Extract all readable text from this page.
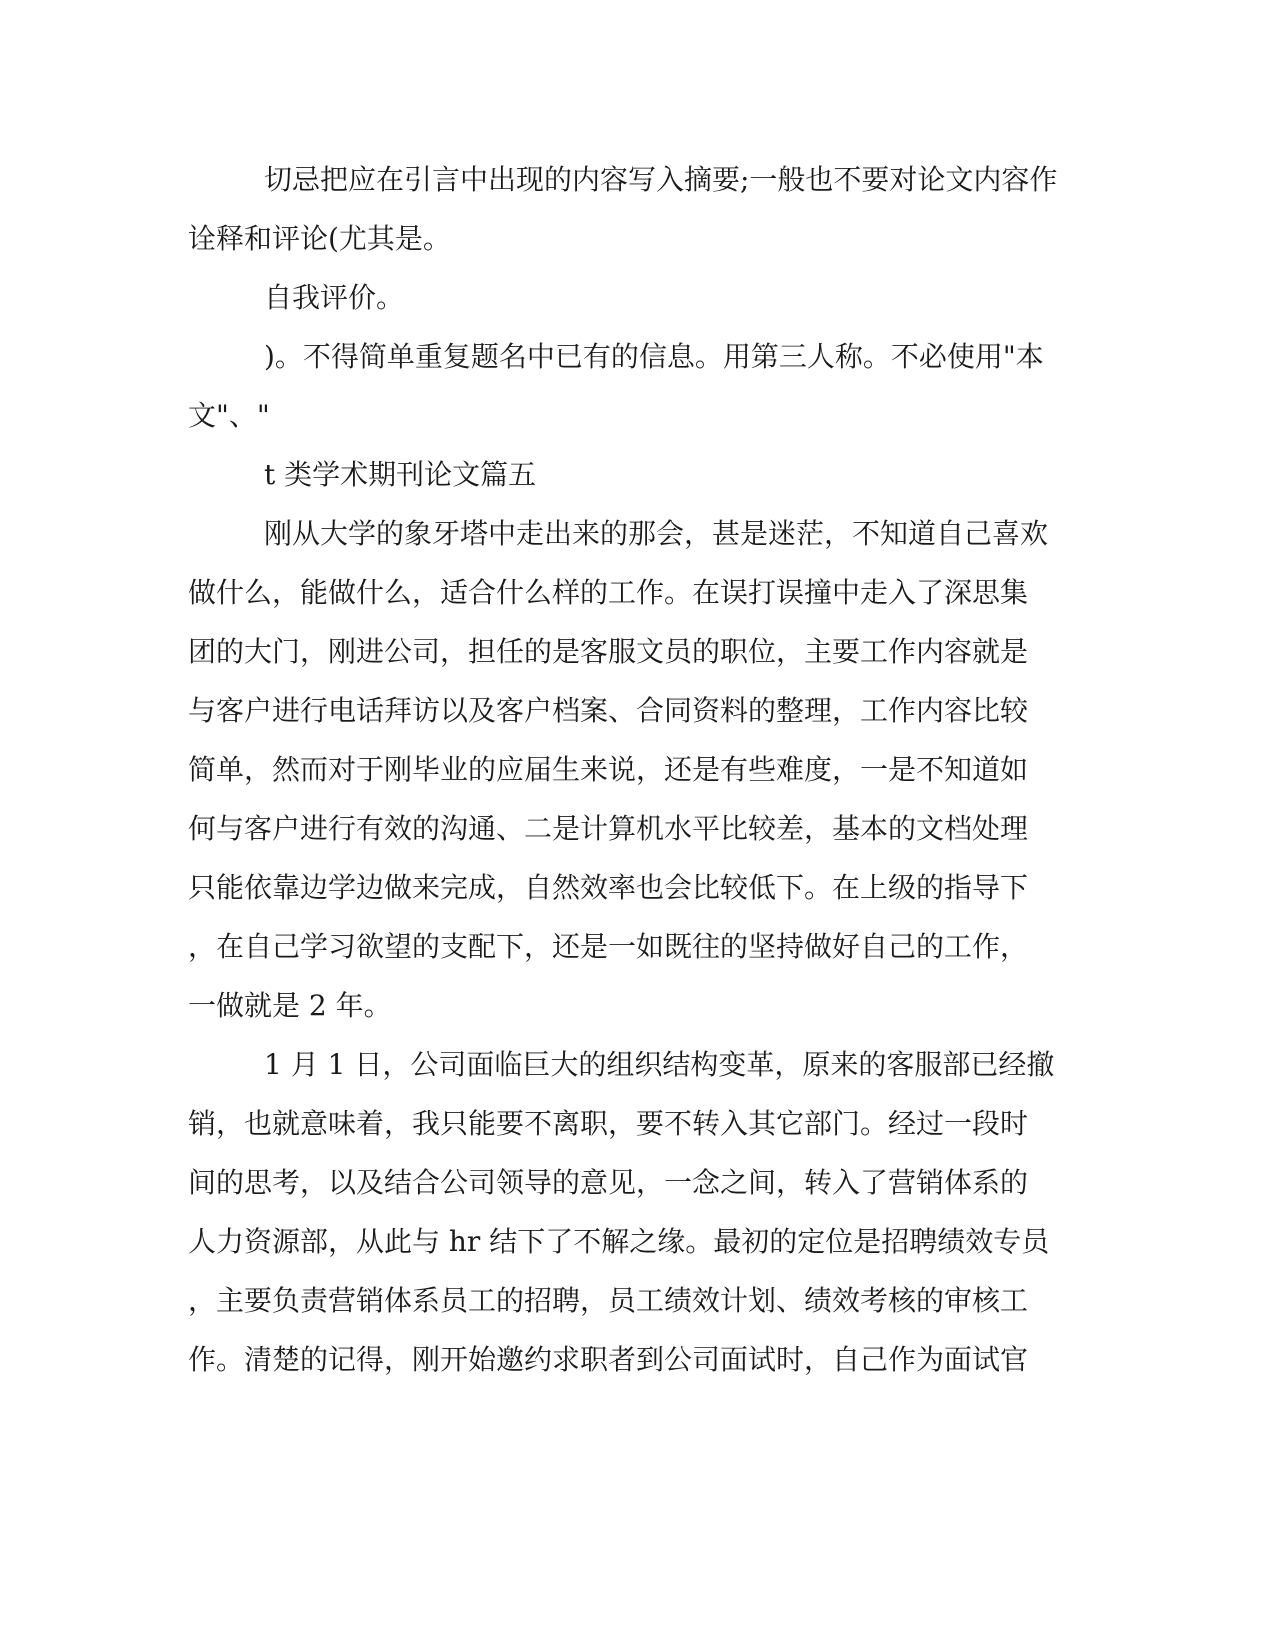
切忌把应在引言中出现的内容写入摘要;一般也不要对论文内容作
诠释和评论(尤其是。
自我评价。
)。不得简单重复题名中已有的信息。用第三人称。不必使用"本
文"、"
t 类学术期刊论文篇五
刚从大学的象牙塔中走出来的那会，甚是迷茫，不知道自己喜欢
做什么，能做什么，适合什么样的工作。在误打误撞中走入了深思集
团的大门，刚进公司，担任的是客服文员的职位，主要工作内容就是
与客户进行电话拜访以及客户档案、合同资料的整理，工作内容比较
简单，然而对于刚毕业的应届生来说，还是有些难度，一是不知道如
何与客户进行有效的沟通、二是计算机水平比较差，基本的文档处理
只能依靠边学边做来完成，自然效率也会比较低下。在上级的指导下
，在自己学习欲望的支配下，还是一如既往的坚持做好自己的工作，
一做就是 2 年。
1 月 1 日，公司面临巨大的组织结构变革，原来的客服部已经撤
销，也就意味着，我只能要不离职，要不转入其它部门。经过一段时
间的思考，以及结合公司领导的意见，一念之间，转入了营销体系的
人力资源部，从此与 hr 结下了不解之缘。最初的定位是招聘绩效专员
，主要负责营销体系员工的招聘，员工绩效计划、绩效考核的审核工
作。清楚的记得，刚开始邀约求职者到公司面试时，自己作为面试官
